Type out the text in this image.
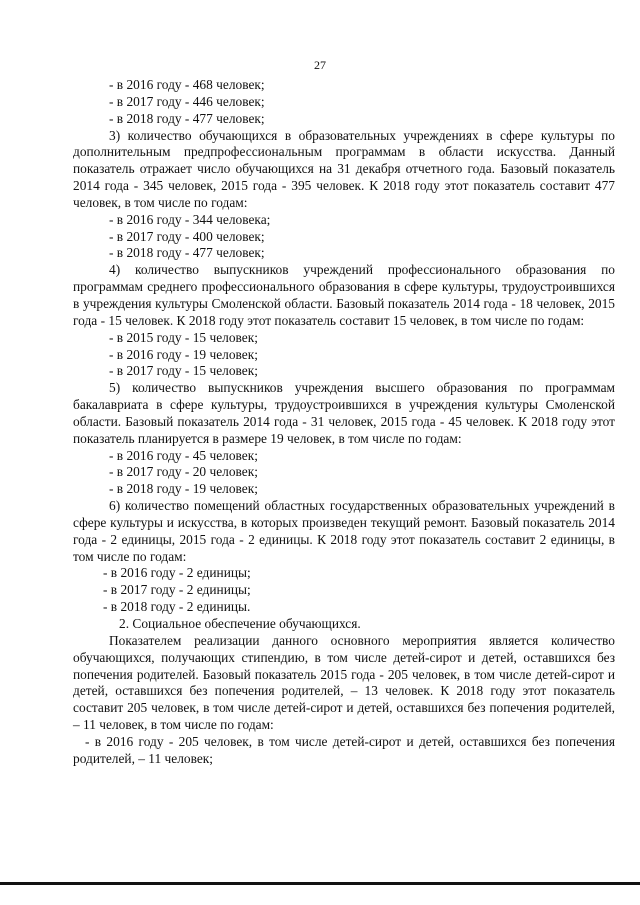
27

- в 2016 году - 468 человек;

- в 2017 году - 446 человек;

- в 2018 году - 477 человек;

3) количество обучающихся в образовательных учреждениях в сфере культуры по дополнительным предпрофессиональным программам в области искусства. Данный показатель отражает число обучающихся на 31 декабря отчетного года. Базовый показатель 2014 года - 345 человек, 2015 года - 395 человек. К 2018 году этот показатель составит 477 человек, в том числе по годам:

- в 2016 году - 344 человека;

- в 2017 году - 400 человек;

- в 2018 году - 477 человек;

4) количество выпускников учреждений профессионального образования по программам среднего профессионального образования в сфере культуры, трудоустроившихся в учреждения культуры Смоленской области. Базовый показатель 2014 года - 18 человек, 2015 года - 15 человек. К 2018 году этот показатель составит 15 человек, в том числе по годам:

- в 2015 году - 15 человек;

- в 2016 году - 19 человек;

- в 2017 году - 15 человек;

5) количество выпускников учреждения высшего образования по программам бакалавриата в сфере культуры, трудоустроившихся в учреждения культуры Смоленской области. Базовый показатель 2014 года - 31 человек, 2015 года - 45 человек. К 2018 году этот показатель планируется в размере 19 человек, в том числе по годам:

- в 2016 году - 45 человек;

- в 2017 году - 20 человек;

- в 2018 году - 19 человек;

6) количество помещений областных государственных образовательных учреждений в сфере культуры и искусства, в которых произведен текущий ремонт. Базовый показатель 2014 года - 2 единицы, 2015 года - 2 единицы. К 2018 году этот показатель составит 2 единицы, в том числе по годам:

- в 2016 году - 2 единицы;

- в 2017 году - 2 единицы;

- в 2018 году - 2 единицы.

2. Социальное обеспечение обучающихся.

Показателем реализации данного основного мероприятия является количество обучающихся, получающих стипендию, в том числе детей-сирот и детей, оставшихся без попечения родителей. Базовый показатель 2015 года - 205 человек, в том числе детей-сирот и детей, оставшихся без попечения родителей, – 13 человек. К 2018 году этот показатель составит 205 человек, в том числе детей-сирот и детей, оставшихся без попечения родителей, – 11 человек, в том числе по годам:

- в 2016 году - 205 человек, в том числе детей-сирот и детей, оставшихся без попечения родителей, – 11 человек;
